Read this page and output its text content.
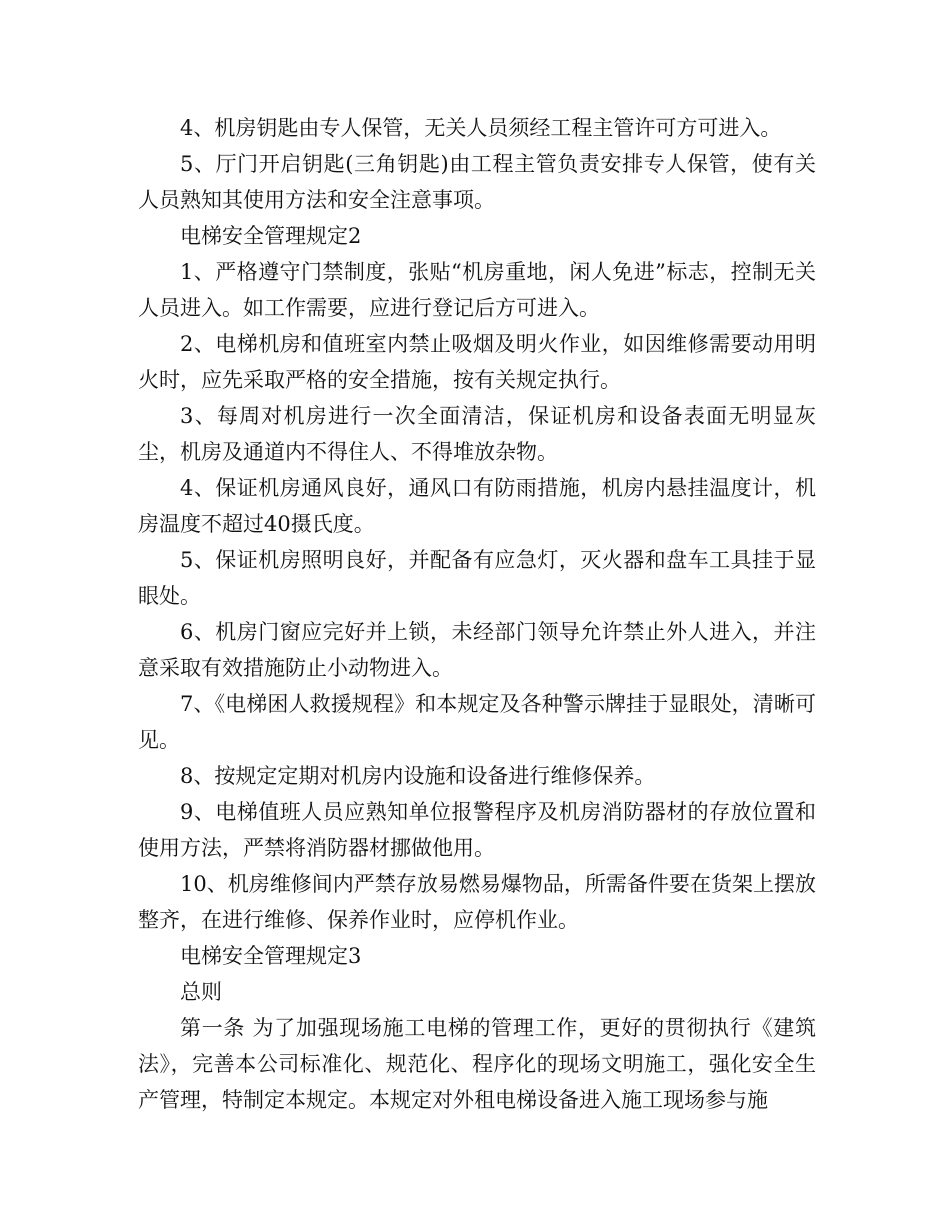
4、机房钥匙由专人保管，无关人员须经工程主管许可方可进入。

5、厅门开启钥匙(三角钥匙)由工程主管负责安排专人保管，使有关人员熟知其使用方法和安全注意事项。

电梯安全管理规定2

1、严格遵守门禁制度，张贴“机房重地，闲人免进”标志，控制无关人员进入。如工作需要，应进行登记后方可进入。

2、电梯机房和值班室内禁止吸烟及明火作业，如因维修需要动用明火时，应先采取严格的安全措施，按有关规定执行。

3、每周对机房进行一次全面清洁，保证机房和设备表面无明显灰尘，机房及通道内不得住人、不得堆放杂物。

4、保证机房通风良好，通风口有防雨措施，机房内悬挂温度计，机房温度不超过40摄氏度。

5、保证机房照明良好，并配备有应急灯，灭火器和盘车工具挂于显眼处。

6、机房门窗应完好并上锁，未经部门领导允许禁止外人进入，并注意采取有效措施防止小动物进入。

7、《电梯困人救援规程》和本规定及各种警示牌挂于显眼处，清晰可见。

8、按规定定期对机房内设施和设备进行维修保养。

9、电梯值班人员应熟知单位报警程序及机房消防器材的存放位置和使用方法，严禁将消防器材挪做他用。

10、机房维修间内严禁存放易燃易爆物品，所需备件要在货架上摆放整齐，在进行维修、保养作业时，应停机作业。

电梯安全管理规定3

总则

第一条 为了加强现场施工电梯的管理工作，更好的贯彻执行《建筑法》，完善本公司标准化、规范化、程序化的现场文明施工，强化安全生产管理，特制定本规定。本规定对外租电梯设备进入施工现场参与施
